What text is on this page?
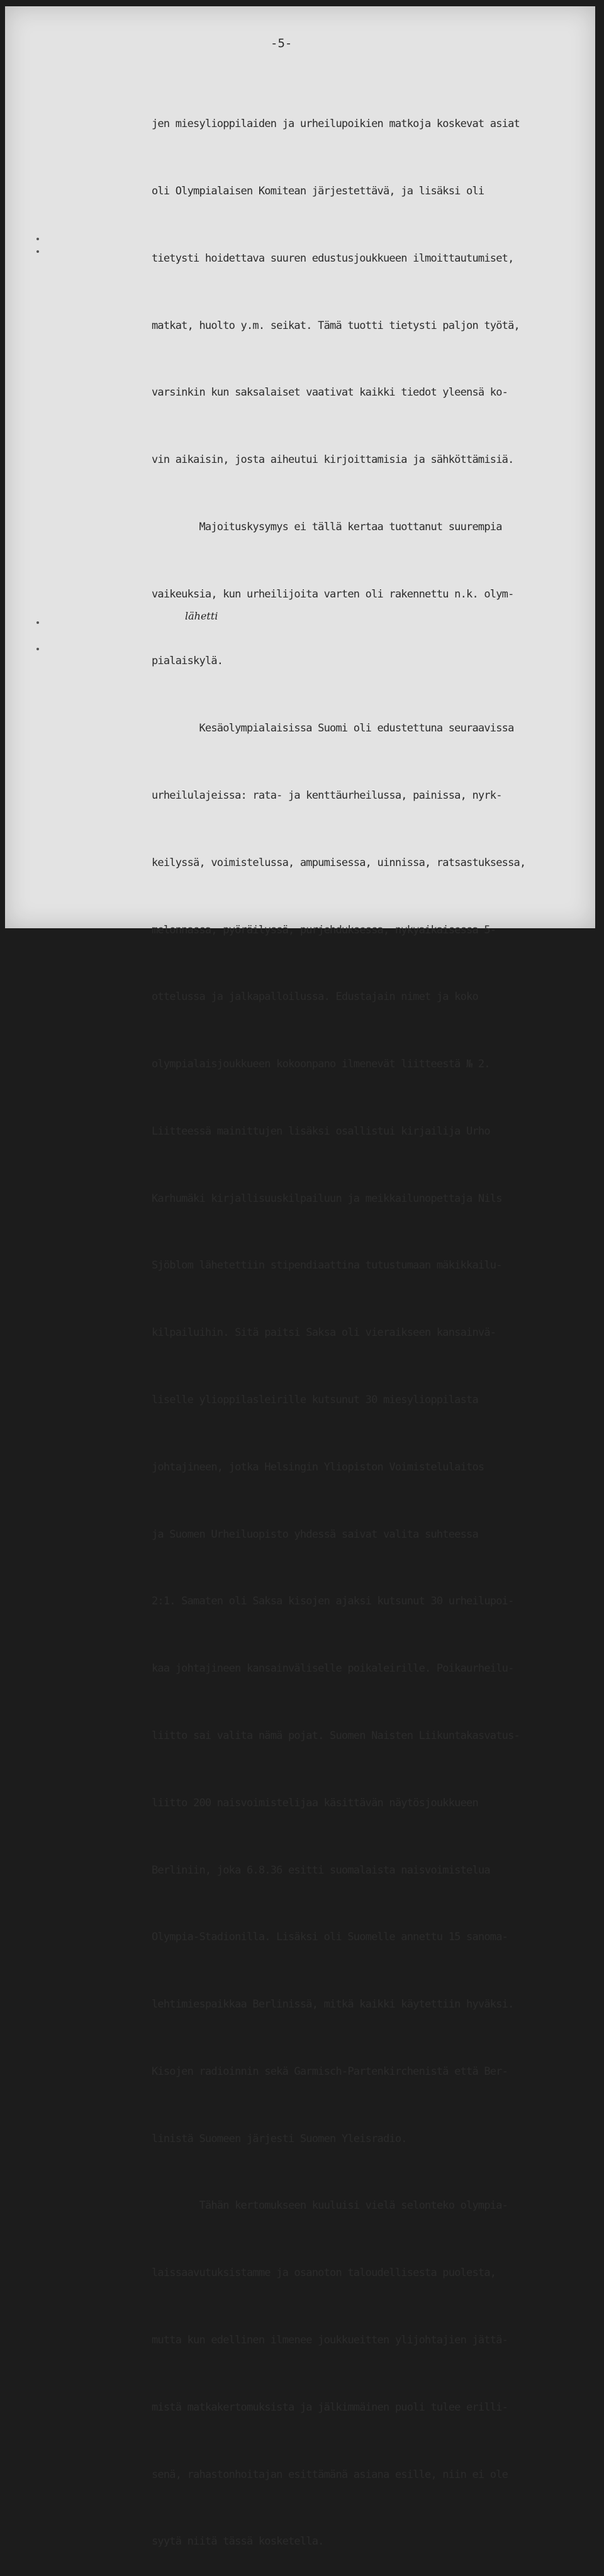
-5-
lähetti

jen miesylioppilaiden ja urheilupoikien matkoja koskevat asiat

oli Olympialaisen Komitean järjestettävä, ja lisäksi oli

tietysti hoidettava suuren edustusjoukkueen ilmoittautumiset,

matkat, huolto y.m. seikat. Tämä tuotti tietysti paljon työtä,

varsinkin kun saksalaiset vaativat kaikki tiedot yleensä ko-

vin aikaisin, josta aiheutui kirjoittamisia ja sähköttämisiä.

Majoituskysymys ei tällä kertaa tuottanut suurempia

vaikeuksia, kun urheilijoita varten oli rakennettu n.k. olym-

pialaiskylä.

Kesäolympialaisissa Suomi oli edustettuna seuraavissa

urheilulajeissa: rata- ja kenttäurheilussa, painissa, nyrk-

keilyssä, voimistelussa, ampumisessa, uinnissa, ratsastuksessa,

melonnassa, pyöräilyssä, purjehduksessa, nykyaikaisessa 5-

ottelussa ja jalkapalloilussa. Edustajain nimet ja koko

olympialaisjoukkueen kokoonpano ilmenevät liitteestä № 2.

Liitteessä mainittujen lisäksi osallistui kirjailija Urho

Karhumäki kirjallisuuskilpailuun ja meikkailunopettaja Nils

Sjöblom lähetettiin stipendiaattina tutustumaan mäkikkailu-

kilpailuihin. Sitä paitsi Saksa oli vieraikseen kansainvä-

liselle ylioppilasleirille kutsunut 30 miesylioppilasta

johtajineen, jotka Helsingin Yliopiston Voimistelulaitos

ja Suomen Urheiluopisto yhdessä saivat valita suhteessa

2:1. Samaten oli Saksa kisojen ajaksi kutsunut 30 urheilupoi-

kaa johtajineen kansainväliselle poikaleirille. Poikaurheilu-

liitto sai valita nämä pojat. Suomen Naisten Liikuntakasvatus-

liitto 200 naisvoimistelijaa käsittävän näytösjoukkueen

Berliniin, joka 6.8.36 esitti suomalaista naisvoimistelua

Olympia-Stadionilla. Lisäksi oli Suomelle annettu 15 sanoma-

lehtimiespaikkaa Berlinissä, mitkä kaikki käytettiin hyväksi.

Kisojen radioinnin sekä Garmisch-Partenkirchenistä että Ber-

linistä Suomeen järjesti Suomen Yleisradio.

Tähän kertomukseen kuuluisi vielä selonteko olympia-

laissaavutuksistamme ja osanoton taloudellisesta puolesta,

mutta kun edellinen ilmenee joukkueitten ylijohtajien jättä-

mistä matkakertomuksista ja jälkimmäinen puoli tulee erilli-

senä, rahastonhoitajan esittämänä asiana esille, niin ei ole

syytä niitä tässä kosketella.
